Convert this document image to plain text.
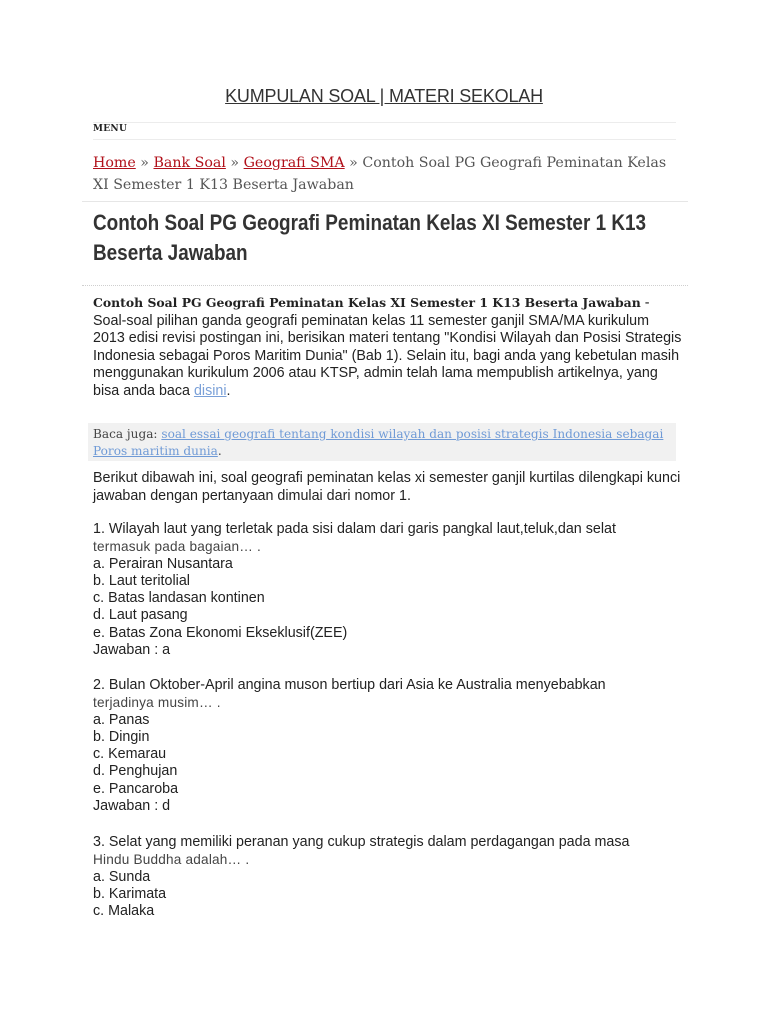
KUMPULAN SOAL | MATERI SEKOLAH
MENU
Home » Bank Soal » Geografi SMA » Contoh Soal PG Geografi Peminatan Kelas XI Semester 1 K13 Beserta Jawaban
Contoh Soal PG Geografi Peminatan Kelas XI Semester 1 K13 Beserta Jawaban
Contoh Soal PG Geografi Peminatan Kelas XI Semester 1 K13 Beserta Jawaban - Soal-soal pilihan ganda geografi peminatan kelas 11 semester ganjil SMA/MA kurikulum 2013 edisi revisi postingan ini, berisikan materi tentang "Kondisi Wilayah dan Posisi Strategis Indonesia sebagai Poros Maritim Dunia" (Bab 1). Selain itu, bagi anda yang kebetulan masih menggunakan kurikulum 2006 atau KTSP, admin telah lama mempublish artikelnya, yang bisa anda baca disini.
Baca juga: soal essai geografi tentang kondisi wilayah dan posisi strategis Indonesia sebagai Poros maritim dunia.
Berikut dibawah ini, soal geografi peminatan kelas xi semester ganjil kurtilas dilengkapi kunci jawaban dengan pertanyaan dimulai dari nomor 1.
1. Wilayah laut yang terletak pada sisi dalam dari garis pangkal laut,teluk,dan selat
termasuk pada bagaian… .
a. Perairan Nusantara
b. Laut teritolial
c. Batas landasan kontinen
d. Laut pasang
e. Batas Zona Ekonomi Ekseklusif(ZEE)
Jawaban : a
2. Bulan Oktober-April angina muson bertiup dari Asia ke Australia menyebabkan
terjadinya musim… .
a. Panas
b. Dingin
c. Kemarau
d. Penghujan
e. Pancaroba
Jawaban : d
3. Selat yang memiliki peranan yang cukup strategis dalam perdagangan pada masa
Hindu Buddha adalah… .
a. Sunda
b. Karimata
c. Malaka
